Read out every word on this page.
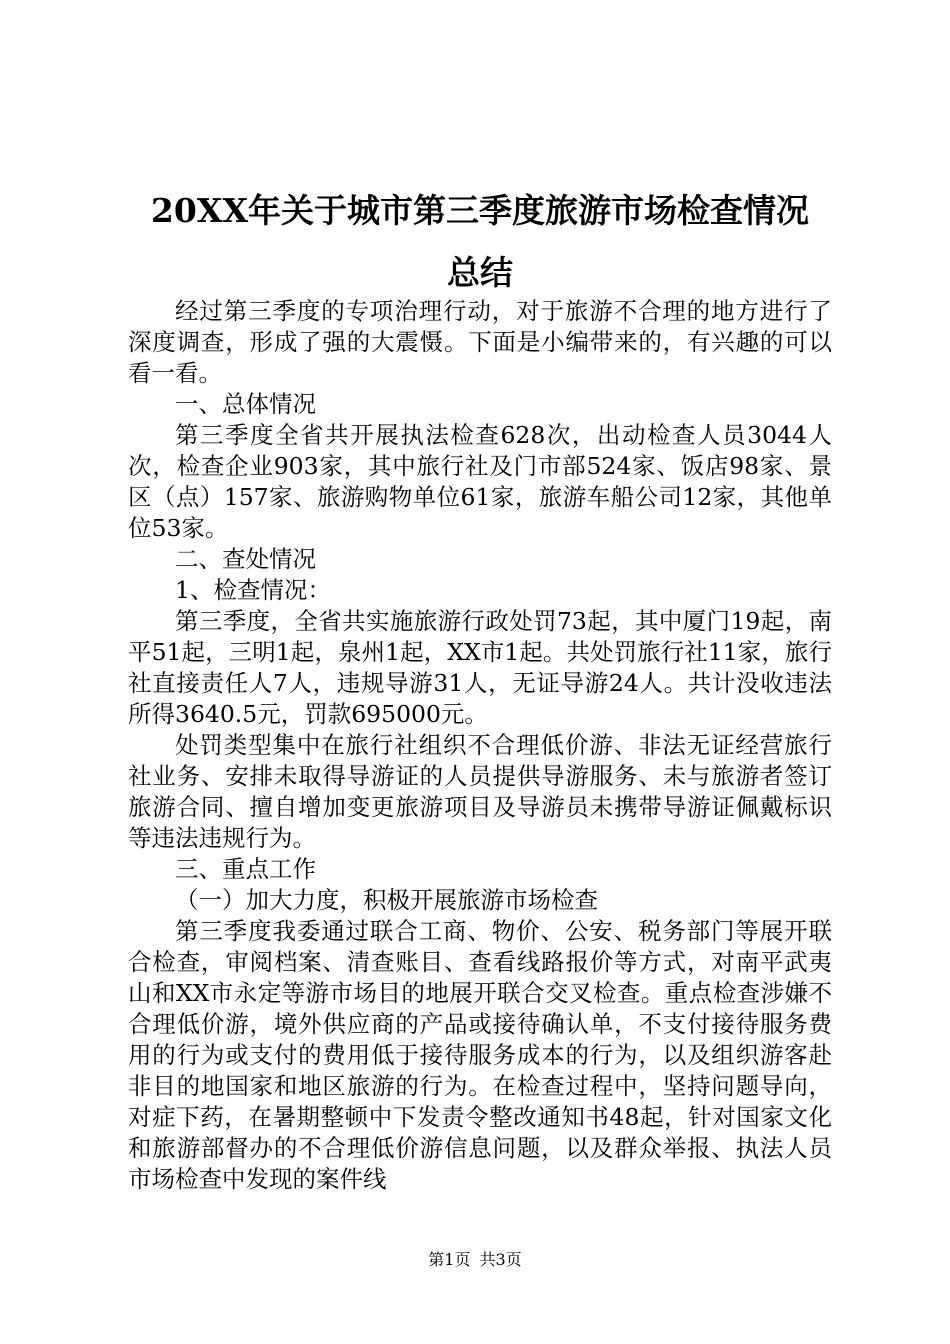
20XX年关于城市第三季度旅游市场检查情况
总结

经过第三季度的专项治理行动，对于旅游不合理的地方进行了深度调查，形成了强的大震慑。下面是小编带来的，有兴趣的可以看一看。

一、总体情况

第三季度全省共开展执法检查628次，出动检查人员3044人次，检查企业903家，其中旅行社及门市部524家、饭店98家、景区（点）157家、旅游购物单位61家，旅游车船公司12家，其他单位53家。

二、查处情况

1、检查情况：

第三季度，全省共实施旅游行政处罚73起，其中厦门19起，南平51起，三明1起，泉州1起，XX市1起。共处罚旅行社11家，旅行社直接责任人7人，违规导游31人，无证导游24人。共计没收违法所得3640.5元，罚款695000元。

处罚类型集中在旅行社组织不合理低价游、非法无证经营旅行社业务、安排未取得导游证的人员提供导游服务、未与旅游者签订旅游合同、擅自增加变更旅游项目及导游员未携带导游证佩戴标识等违法违规行为。

三、重点工作

（一）加大力度，积极开展旅游市场检查

第三季度我委通过联合工商、物价、公安、税务部门等展开联合检查，审阅档案、清查账目、查看线路报价等方式，对南平武夷山和XX市永定等游市场目的地展开联合交叉检查。重点检查涉嫌不合理低价游，境外供应商的产品或接待确认单，不支付接待服务费用的行为或支付的费用低于接待服务成本的行为，以及组织游客赴非目的地国家和地区旅游的行为。在检查过程中，坚持问题导向，对症下药，在暑期整顿中下发责令整改通知书48起，针对国家文化和旅游部督办的不合理低价游信息问题，以及群众举报、执法人员市场检查中发现的案件线

第1页 共3页
